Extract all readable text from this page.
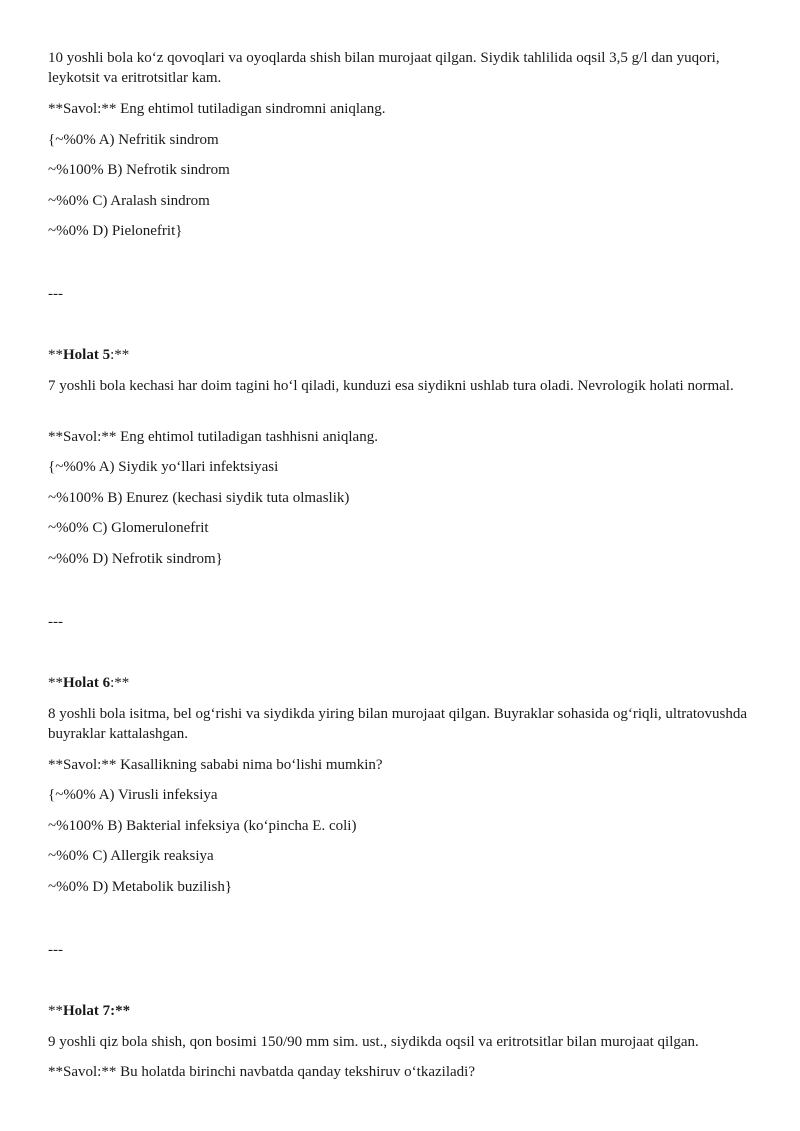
10 yoshli bola koʻz qovoqlari va oyoqlarda shish bilan murojaat qilgan. Siydik tahlilida oqsil 3,5 g/l dan yuqori, leykotsit va eritrotsitlar kam.
**Savol:** Eng ehtimol tutiladigan sindromni aniqlang.
{~%0% A) Nefritik sindrom
~%100% B) Nefrotik sindrom
~%0% C) Aralash sindrom
~%0% D) Pielonefrit}
---
**Holat 5:**
7 yoshli bola kechasi har doim tagini hoʻl qiladi, kunduzi esa siydikni ushlab tura oladi. Nevrologik holati normal.
**Savol:** Eng ehtimol tutiladigan tashhisni aniqlang.
{~%0% A) Siydik yoʻllari infektsiyasi
~%100% B) Enurez (kechasi siydik tuta olmaslik)
~%0% C) Glomerulonefrit
~%0% D) Nefrotik sindrom}
---
**Holat 6:**
8 yoshli bola isitma, bel ogʻrishi va siydikda yiring bilan murojaat qilgan. Buyraklar sohasida ogʻriqli, ultratovushda buyraklar kattalashgan.
**Savol:** Kasallikning sababi nima boʻlishi mumkin?
{~%0% A) Virusli infeksiya
~%100% B) Bakterial infeksiya (koʻpincha E. coli)
~%0% C) Allergik reaksiya
~%0% D) Metabolik buzilish}
---
**Holat 7:**
9 yoshli qiz bola shish, qon bosimi 150/90 mm sim. ust., siydikda oqsil va eritrotsitlar bilan murojaat qilgan.
**Savol:** Bu holatda birinchi navbatda qanday tekshiruv oʻtkaziladi?
